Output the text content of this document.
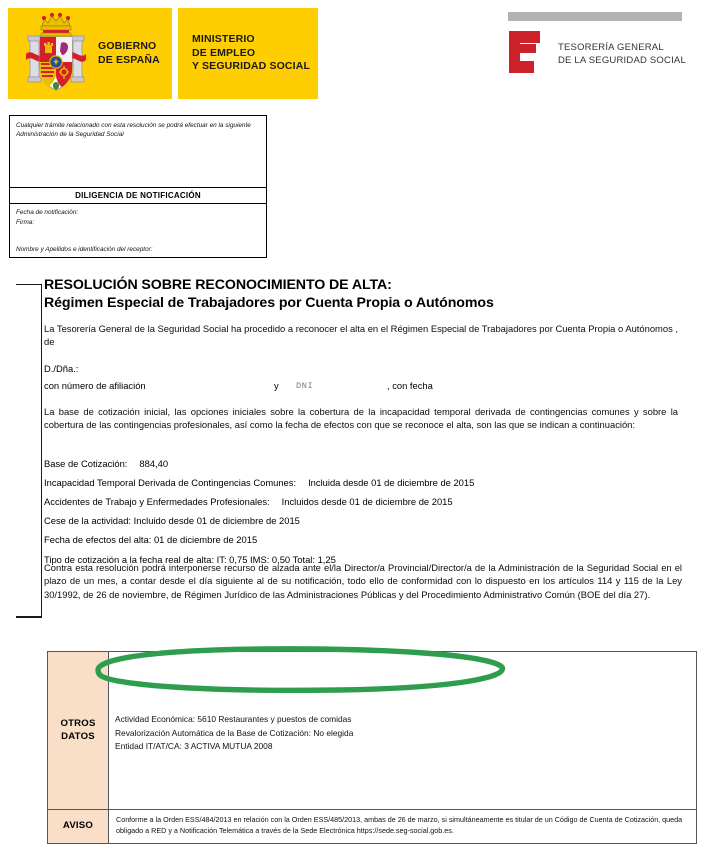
GOBIERNO
DE ESPAÑA
MINISTERIO
DE EMPLEO
Y SEGURIDAD SOCIAL
TESORERÍA GENERAL
DE LA SEGURIDAD SOCIAL
Cualquier trámite relacionado con esta resolución se podrá efectuar en la siguiente Administración de la Seguridad Social
DILIGENCIA DE NOTIFICACIÓN
Fecha de notificación:
Firma:
Nombre y Apellidos e identificación del receptor:
RESOLUCIÓN SOBRE RECONOCIMIENTO DE ALTA:
Régimen Especial de Trabajadores por Cuenta Propia o Autónomos
La Tesorería General de la Seguridad Social ha procedido a reconocer el alta en el Régimen Especial de Trabajadores por Cuenta Propia o Autónomos , de
D./Dña.:
con número de afiliación	y DNI	, con fecha
La base de cotización inicial, las opciones iniciales sobre la cobertura de la incapacidad temporal derivada de contingencias comunes y sobre la cobertura de las contingencias profesionales, así como la fecha de efectos con que se reconoce el alta, son las que se indican a continuación:
Base de Cotización: 884,40
Incapacidad Temporal Derivada de Contingencias Comunes: Incluida desde 01 de diciembre de 2015
Accidentes de Trabajo y Enfermedades Profesionales: Incluidos desde 01 de diciembre de 2015
Cese de la actividad: Incluido desde 01 de diciembre de 2015
Fecha de efectos del alta: 01 de diciembre de 2015
Tipo de cotización a la fecha real de alta: IT: 0,75 IMS: 0,50 Total: 1,25
Contra esta resolución podrá interponerse recurso de alzada ante el/la Director/a Provincial/Director/a de la Administración de la Seguridad Social en el plazo de un mes, a contar desde el día siguiente al de su notificación, todo ello de conformidad con lo dispuesto en los artículos 114 y 115 de la Ley 30/1992, de 26 de noviembre, de Régimen Jurídico de las Administraciones Públicas y del Procedimiento Administrativo Común (BOE del día 27).
OTROS
DATOS

Actividad Económica: 5610 Restaurantes y puestos de comidas
Revalorización Automática de la Base de Cotización: No elegida
Entidad IT/AT/CA: 3 ACTIVA MUTUA 2008

AVISO	Conforme a la Orden ESS/484/2013 en relación con la Orden ESS/485/2013, ambas de 26 de marzo, si simultáneamente es titular de un Código de Cuenta de Cotización, queda obligado a RED y a Notificación Telemática a través de la Sede Electrónica https://sede.seg-social.gob.es.
